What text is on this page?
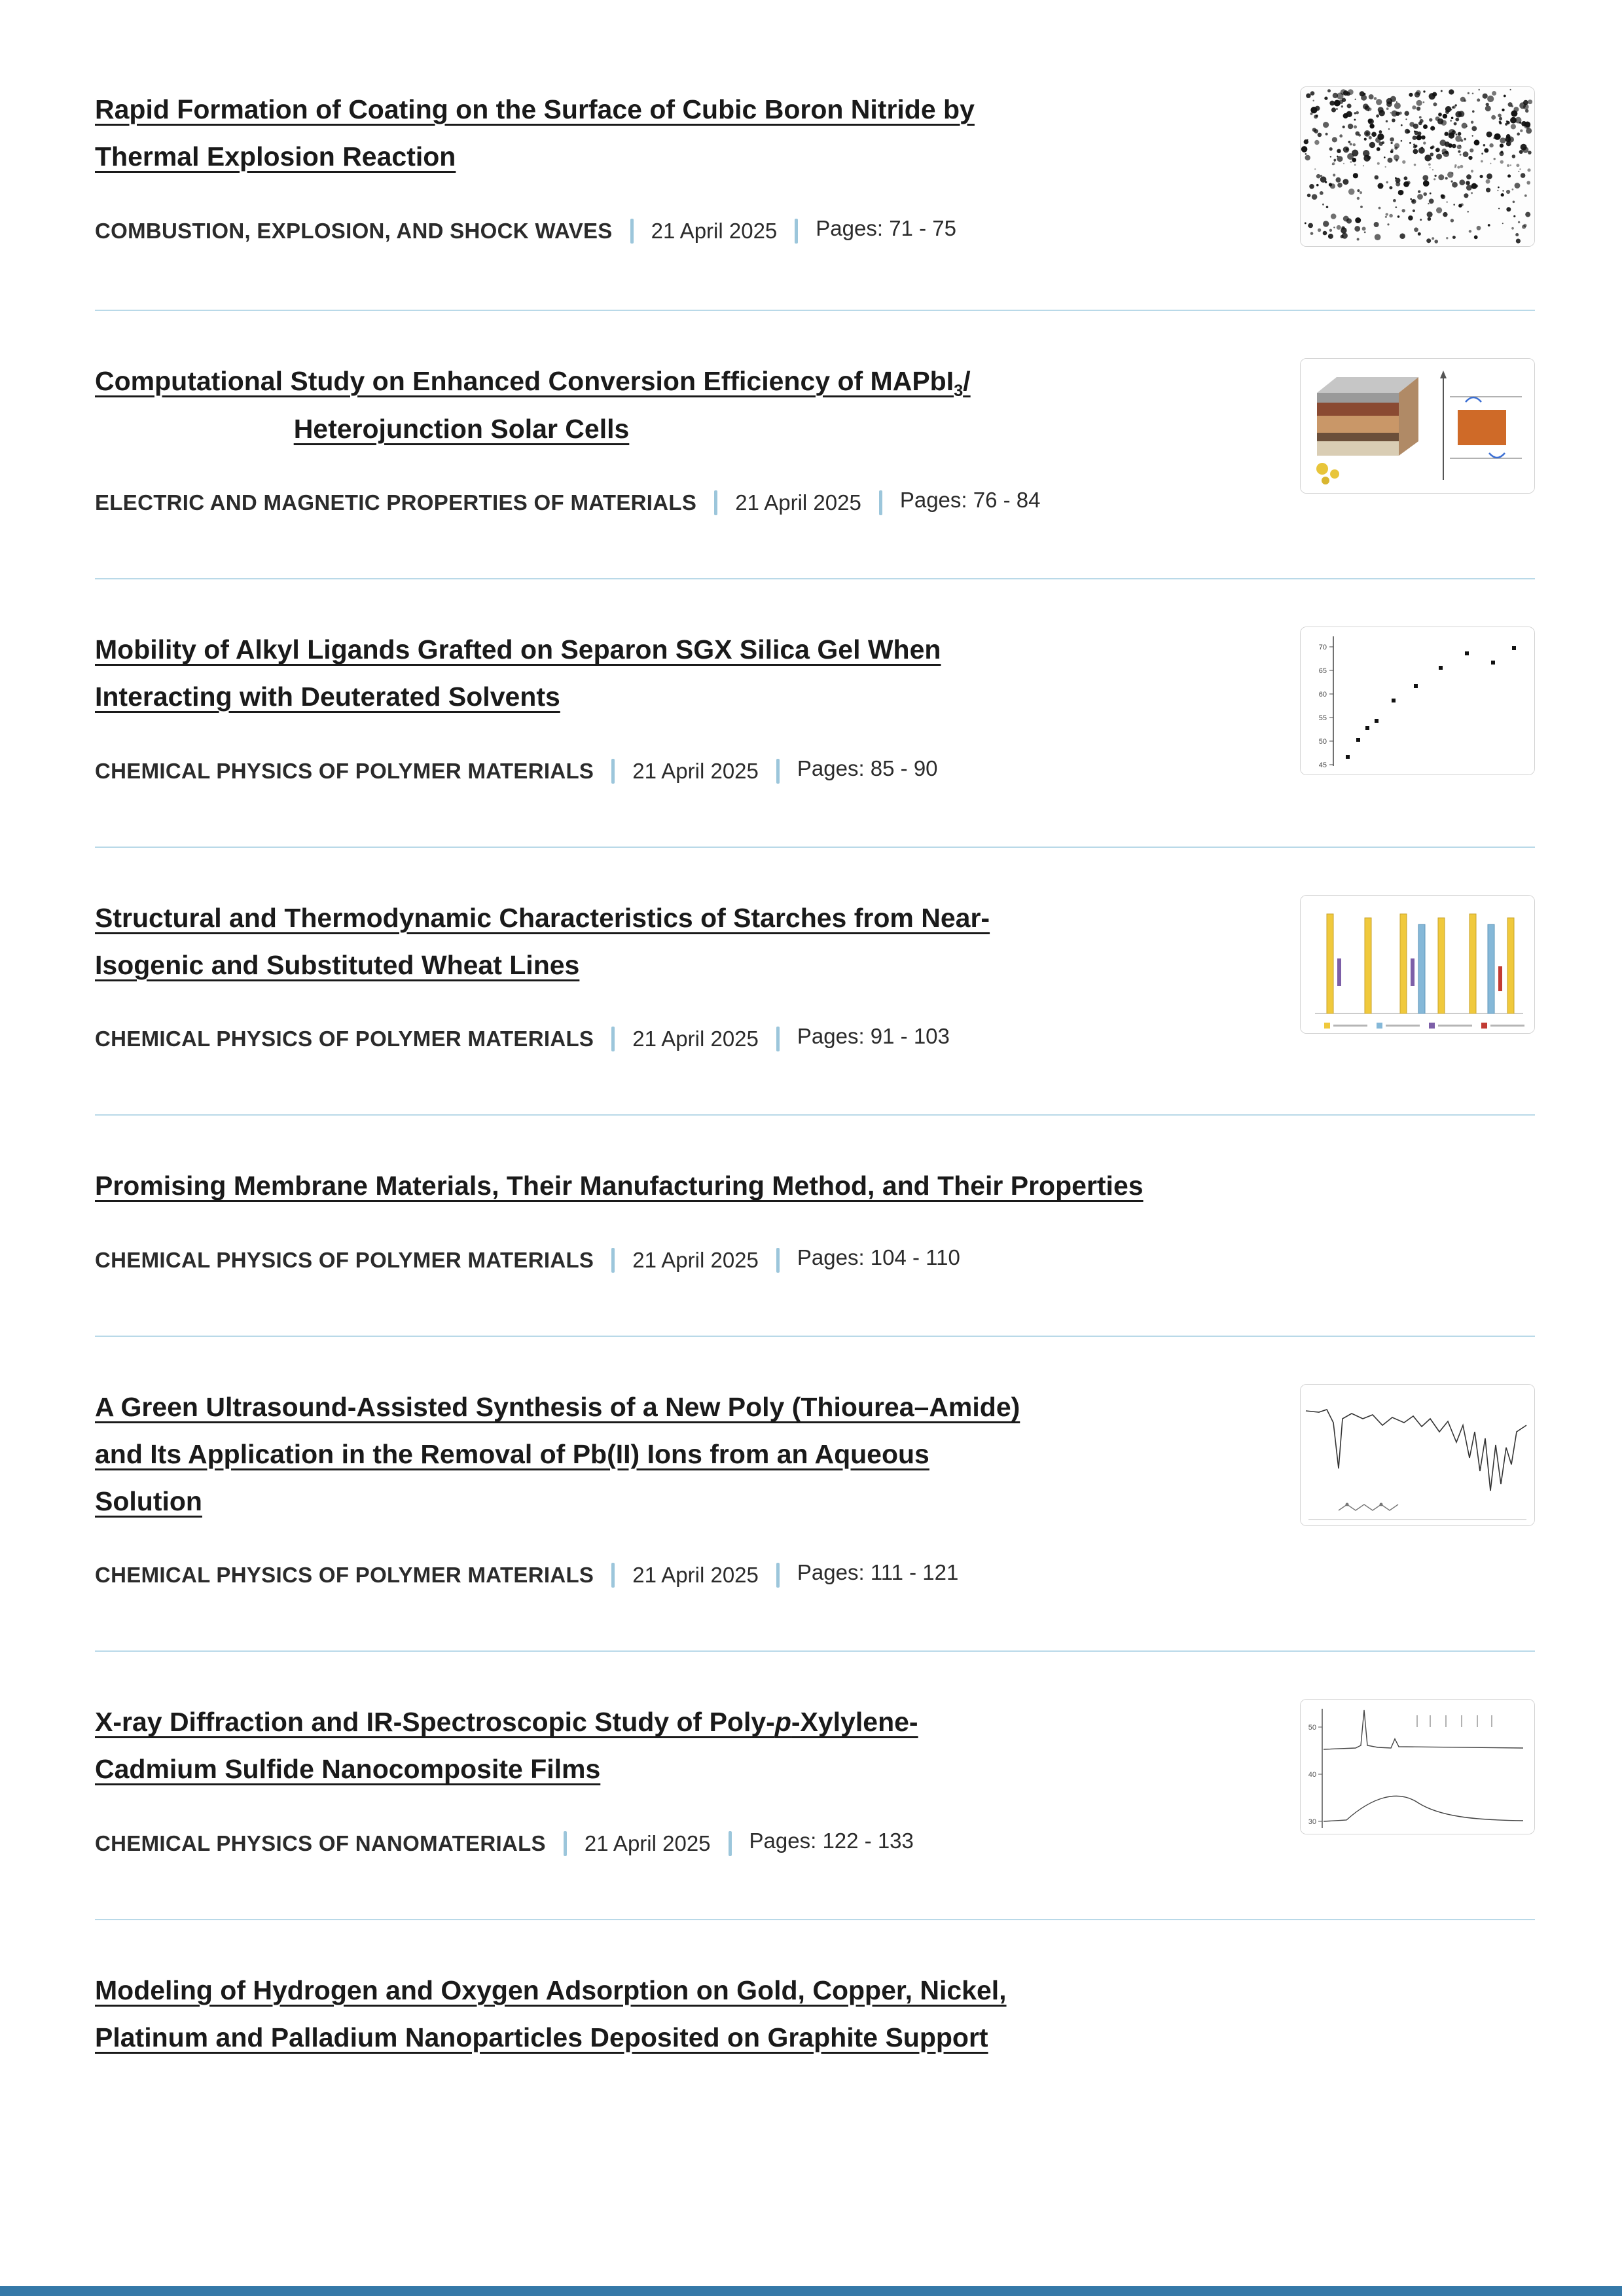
Rapid Formation of Coating on the Surface of Cubic Boron Nitride by
Thermal Explosion Reaction
COMBUSTION, EXPLOSION, AND SHOCK WAVES 21 April 2025 Pages: 71 - 75
Computational Study on Enhanced Conversion Efficiency of MAPbI$_3$/
Heterojunction Solar Cells
ELECTRIC AND MAGNETIC PROPERTIES OF MATERIALS 21 April 2025 Pages: 76 - 84
Mobility of Alkyl Ligands Grafted on Separon SGX Silica Gel When
Interacting with Deuterated Solvents
CHEMICAL PHYSICS OF POLYMER MATERIALS 21 April 2025 Pages: 85 - 90
70
65
60
55
50
45
Structural and Thermodynamic Characteristics of Starches from Near-
Isogenic and Substituted Wheat Lines
CHEMICAL PHYSICS OF POLYMER MATERIALS 21 April 2025 Pages: 91 - 103
Promising Membrane Materials, Their Manufacturing Method, and Their Properties
CHEMICAL PHYSICS OF POLYMER MATERIALS 21 April 2025 Pages: 104 - 110
A Green Ultrasound-Assisted Synthesis of a New Poly (Thiourea–Amide)
and Its Application in the Removal of Pb(II) Ions from an Aqueous
Solution
CHEMICAL PHYSICS OF POLYMER MATERIALS 21 April 2025 Pages: 111 - 121
X-ray Diffraction and IR-Spectroscopic Study of Poly-p-Xylylene-
Cadmium Sulfide Nanocomposite Films
CHEMICAL PHYSICS OF NANOMATERIALS 21 April 2025 Pages: 122 - 133
50
40
30
Modeling of Hydrogen and Oxygen Adsorption on Gold, Copper, Nickel,
Platinum and Palladium Nanoparticles Deposited on Graphite Support
